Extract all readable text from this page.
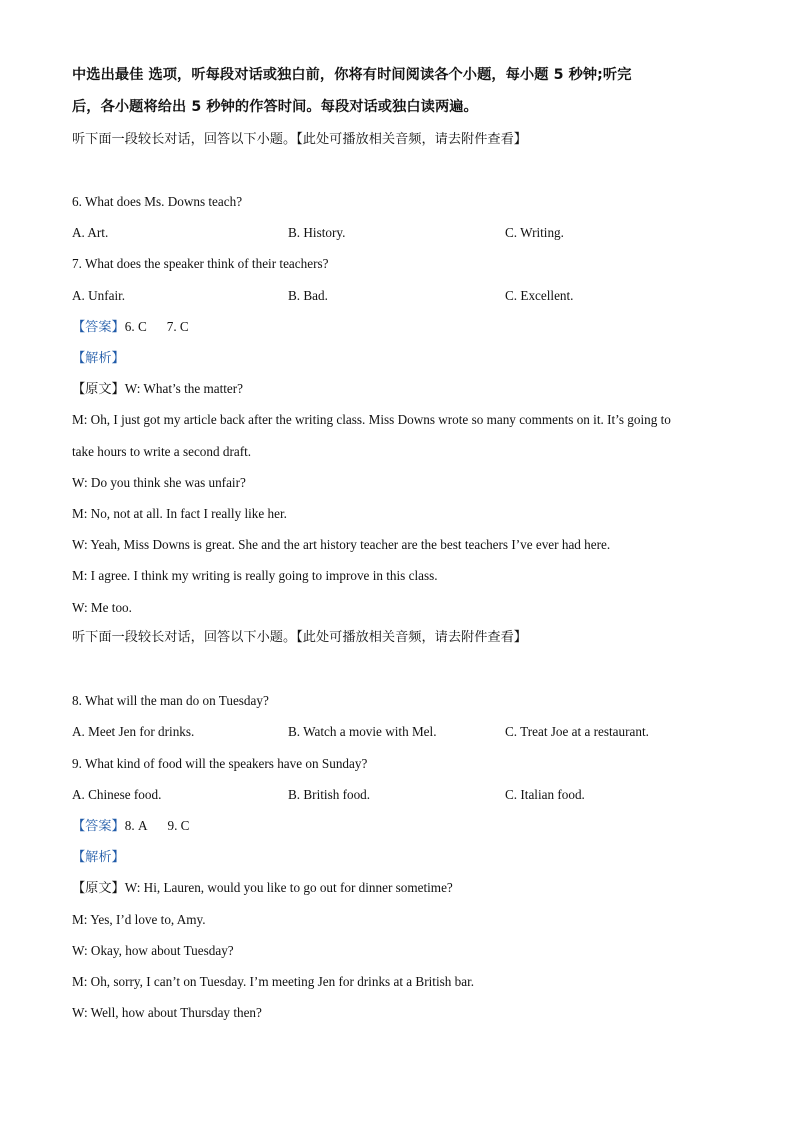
中选出最佳 选项，听每段对话或独白前，你将有时间阅读各个小题，每小题 5 秒钟;听完
后，各小题将给出 5 秒钟的作答时间。每段对话或独白读两遍。
听下面一段较长对话，回答以下小题。【此处可播放相关音频，请去附件查看】
6. What does Ms. Downs teach?
A. Art.	B. History.	C. Writing.
7. What does the speaker think of their teachers?
A. Unfair.	B. Bad.	C. Excellent.
【答案】6. C 7. C
【解析】
【原文】W: What’s the matter?
M: Oh, I just got my article back after the writing class. Miss Downs wrote so many comments on it. It’s going to
take hours to write a second draft.
W: Do you think she was unfair?
M: No, not at all. In fact I really like her.
W: Yeah, Miss Downs is great. She and the art history teacher are the best teachers I’ve ever had here.
M: I agree. I think my writing is really going to improve in this class.
W: Me too.
听下面一段较长对话，回答以下小题。【此处可播放相关音频，请去附件查看】
8. What will the man do on Tuesday?
A. Meet Jen for drinks.	B. Watch a movie with Mel.	C. Treat Joe at a restaurant.
9. What kind of food will the speakers have on Sunday?
A. Chinese food.	B. British food.	C. Italian food.
【答案】8. A 9. C
【解析】
【原文】W: Hi, Lauren, would you like to go out for dinner sometime?
M: Yes, I’d love to, Amy.
W: Okay, how about Tuesday?
M: Oh, sorry, I can’t on Tuesday. I’m meeting Jen for drinks at a British bar.
W: Well, how about Thursday then?
